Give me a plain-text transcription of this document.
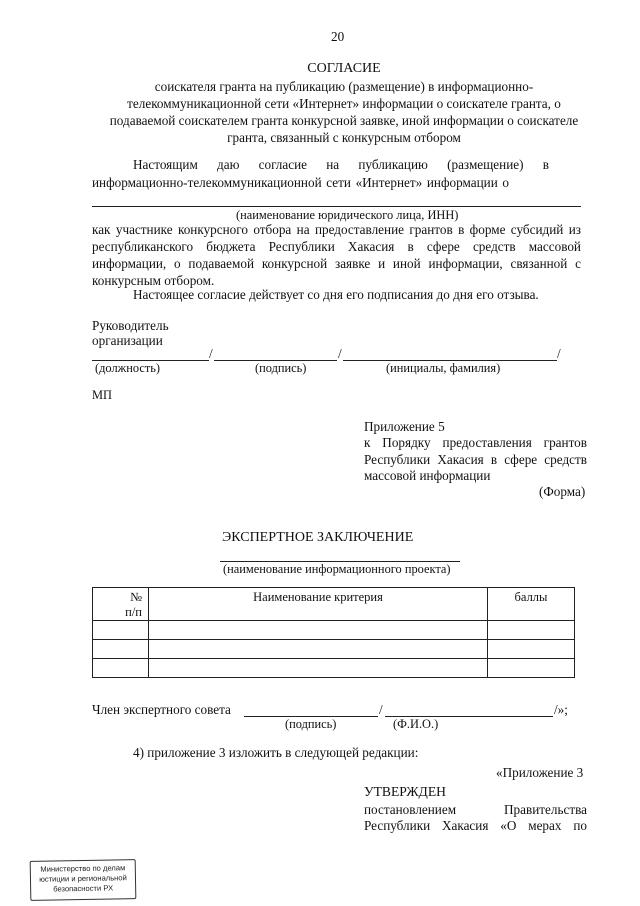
20
СОГЛАСИЕ
соискателя гранта на публикацию (размещение) в информационно-
телекоммуникационной сети «Интернет» информации о соискателе гранта, о
подаваемой соискателем гранта конкурсной заявке, иной информации о соискателе
гранта, связанный с конкурсным отбором
Настоящим даю согласие на публикацию (размещение) в
информационно-телекоммуникационной сети «Интернет» информации о
(наименование юридического лица, ИНН)
как участнике конкурсного отбора на предоставление грантов в форме субсидий из
республиканского бюджета Республики Хакасия в сфере средств массовой
информации, о подаваемой конкурсной заявке и иной информации, связанной с
конкурсным отбором.
Настоящее согласие действует со дня его подписания до дня его отзыва.
Руководитель
организации
/	/	/
(должность)	(подпись)	(инициалы, фамилия)
МП
Приложение 5
к Порядку предоставления грантов
Республики Хакасия в сфере средств
массовой информации
(Форма)
ЭКСПЕРТНОЕ ЗАКЛЮЧЕНИЕ
(наименование информационного проекта)
№
п/п	Наименование критерия	баллы

Член экспертного совета	/	/»;
(подпись)	(Ф.И.О.)
4) приложение 3 изложить в следующей редакции:
«Приложение 3
УТВЕРЖДЕН
постановлением	Правительства
Республики Хакасия «О мерах по
Министерство по делам
юстиции и региональной
безопасности РХ
